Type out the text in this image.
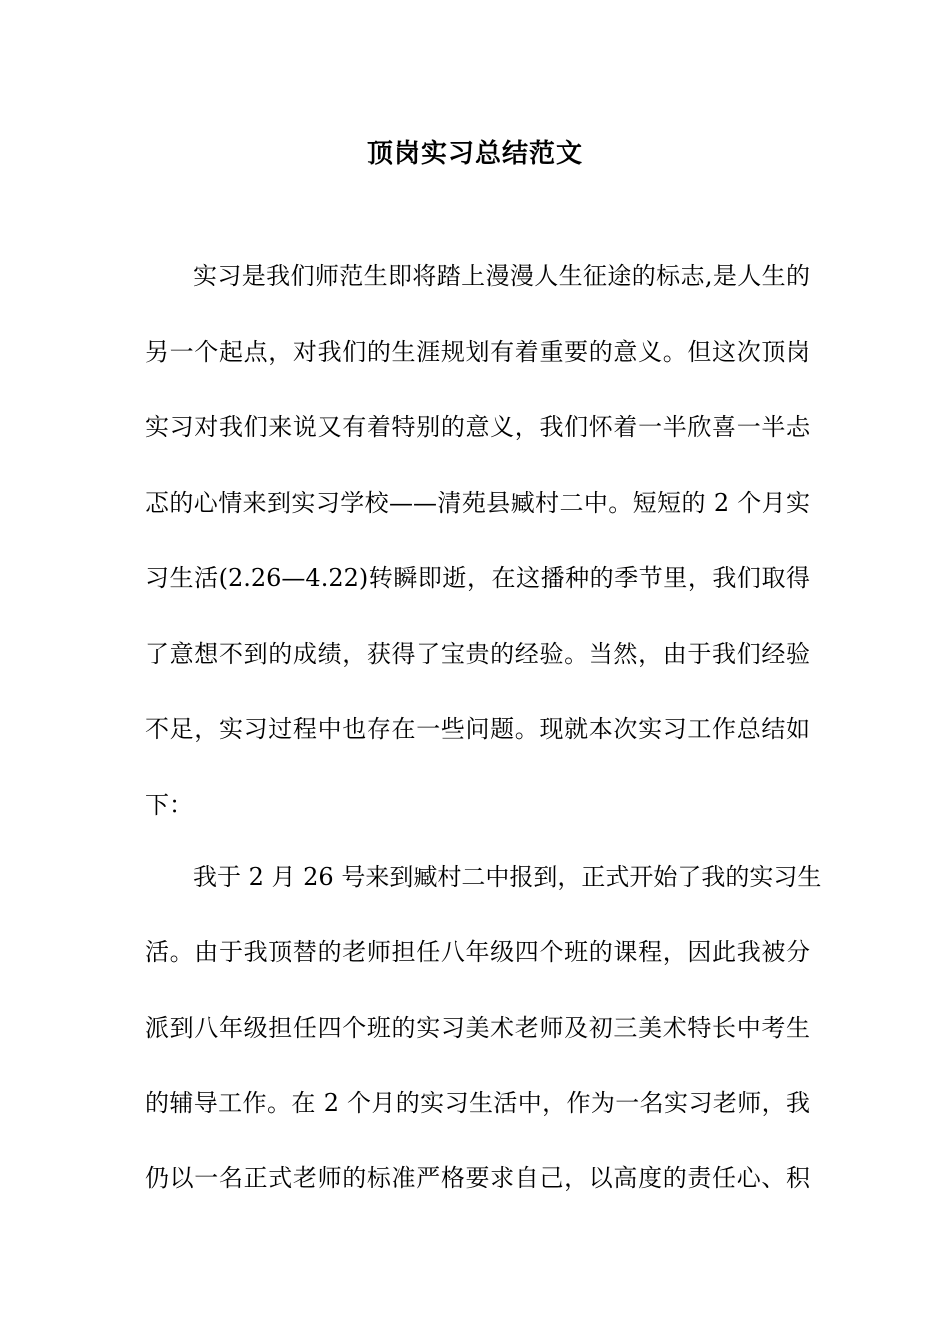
顶岗实习总结范文
实习是我们师范生即将踏上漫漫人生征途的标志,是人生的
另一个起点，对我们的生涯规划有着重要的意义。但这次顶岗
实习对我们来说又有着特别的意义，我们怀着一半欣喜一半忐
忑的心情来到实习学校——清苑县臧村二中。短短的 2 个月实
习生活(2.26—4.22)转瞬即逝，在这播种的季节里，我们取得
了意想不到的成绩，获得了宝贵的经验。当然，由于我们经验
不足，实习过程中也存在一些问题。现就本次实习工作总结如
下：
我于 2 月 26 号来到臧村二中报到，正式开始了我的实习生
活。由于我顶替的老师担任八年级四个班的课程，因此我被分
派到八年级担任四个班的实习美术老师及初三美术特长中考生
的辅导工作。在 2 个月的实习生活中，作为一名实习老师，我
仍以一名正式老师的标准严格要求自己，以高度的责任心、积
